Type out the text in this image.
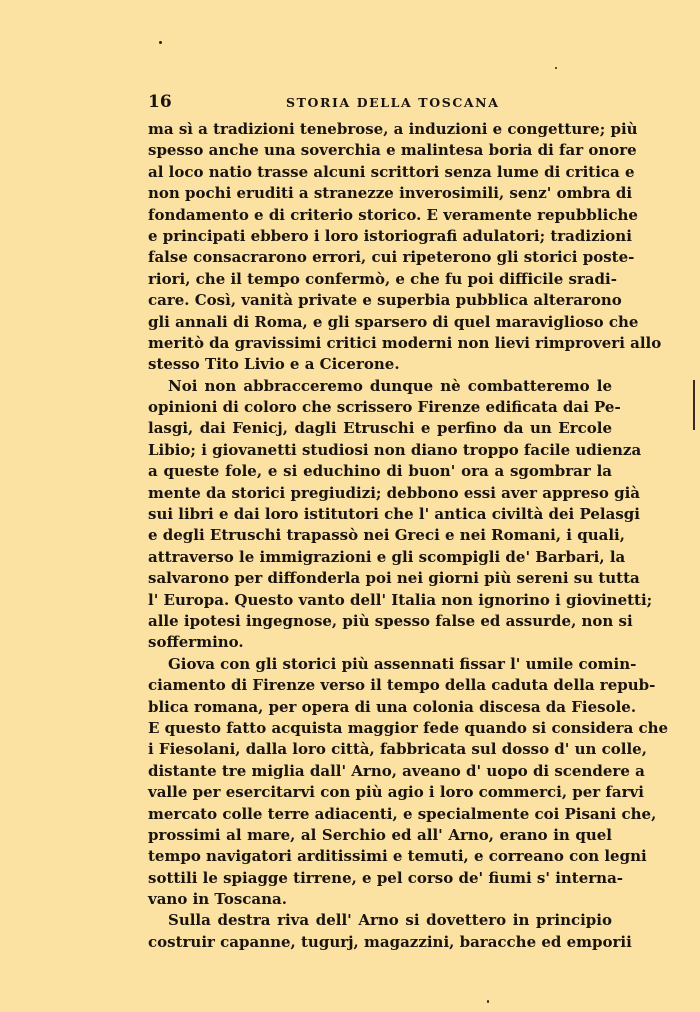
16	STORIA DELLA TOSCANA
ma sì a tradizioni tenebrose, a induzioni e congetture; più
spesso anche una soverchia e malintesa boria di far onore
al loco natio trasse alcuni scrittori senza lume di critica e
non pochi eruditi a stranezze inverosimili, senz' ombra di
fondamento e di criterio storico. E veramente repubbliche
e principati ebbero i loro istoriografi adulatori; tradizioni
false consacrarono errori, cui ripeterono gli storici poste-
riori, che il tempo confermò, e che fu poi difficile sradi-
care. Così, vanità private e superbia pubblica alterarono
gli annali di Roma, e gli sparsero di quel maraviglioso che
meritò da gravissimi critici moderni non lievi rimproveri allo
stesso Tito Livio e a Cicerone.
Noi non abbracceremo dunque nè combatteremo le
opinioni di coloro che scrissero Firenze edificata dai Pe-
lasgi, dai Fenicj, dagli Etruschi e perfino da un Ercole
Libio; i giovanetti studiosi non diano troppo facile udienza
a queste fole, e si educhino di buon' ora a sgombrar la
mente da storici pregiudizi; debbono essi aver appreso già
sui libri e dai loro istitutori che l' antica civiltà dei Pelasgi
e degli Etruschi trapassò nei Greci e nei Romani, i quali,
attraverso le immigrazioni e gli scompigli de' Barbari, la
salvarono per diffonderla poi nei giorni più sereni su tutta
l' Europa. Questo vanto dell' Italia non ignorino i giovinetti;
alle ipotesi ingegnose, più spesso false ed assurde, non si
soffermino.
Giova con gli storici più assennati fissar l' umile comin-
ciamento di Firenze verso il tempo della caduta della repub-
blica romana, per opera di una colonia discesa da Fiesole.
E questo fatto acquista maggior fede quando si considera che
i Fiesolani, dalla loro città, fabbricata sul dosso d' un colle,
distante tre miglia dall' Arno, aveano d' uopo di scendere a
valle per esercitarvi con più agio i loro commerci, per farvi
mercato colle terre adiacenti, e specialmente coi Pisani che,
prossimi al mare, al Serchio ed all' Arno, erano in quel
tempo navigatori arditissimi e temuti, e correano con legni
sottili le spiagge tirrene, e pel corso de' fiumi s' interna-
vano in Toscana.
Sulla destra riva dell' Arno si dovettero in principio
costruir capanne, tugurj, magazzini, baracche ed emporii
